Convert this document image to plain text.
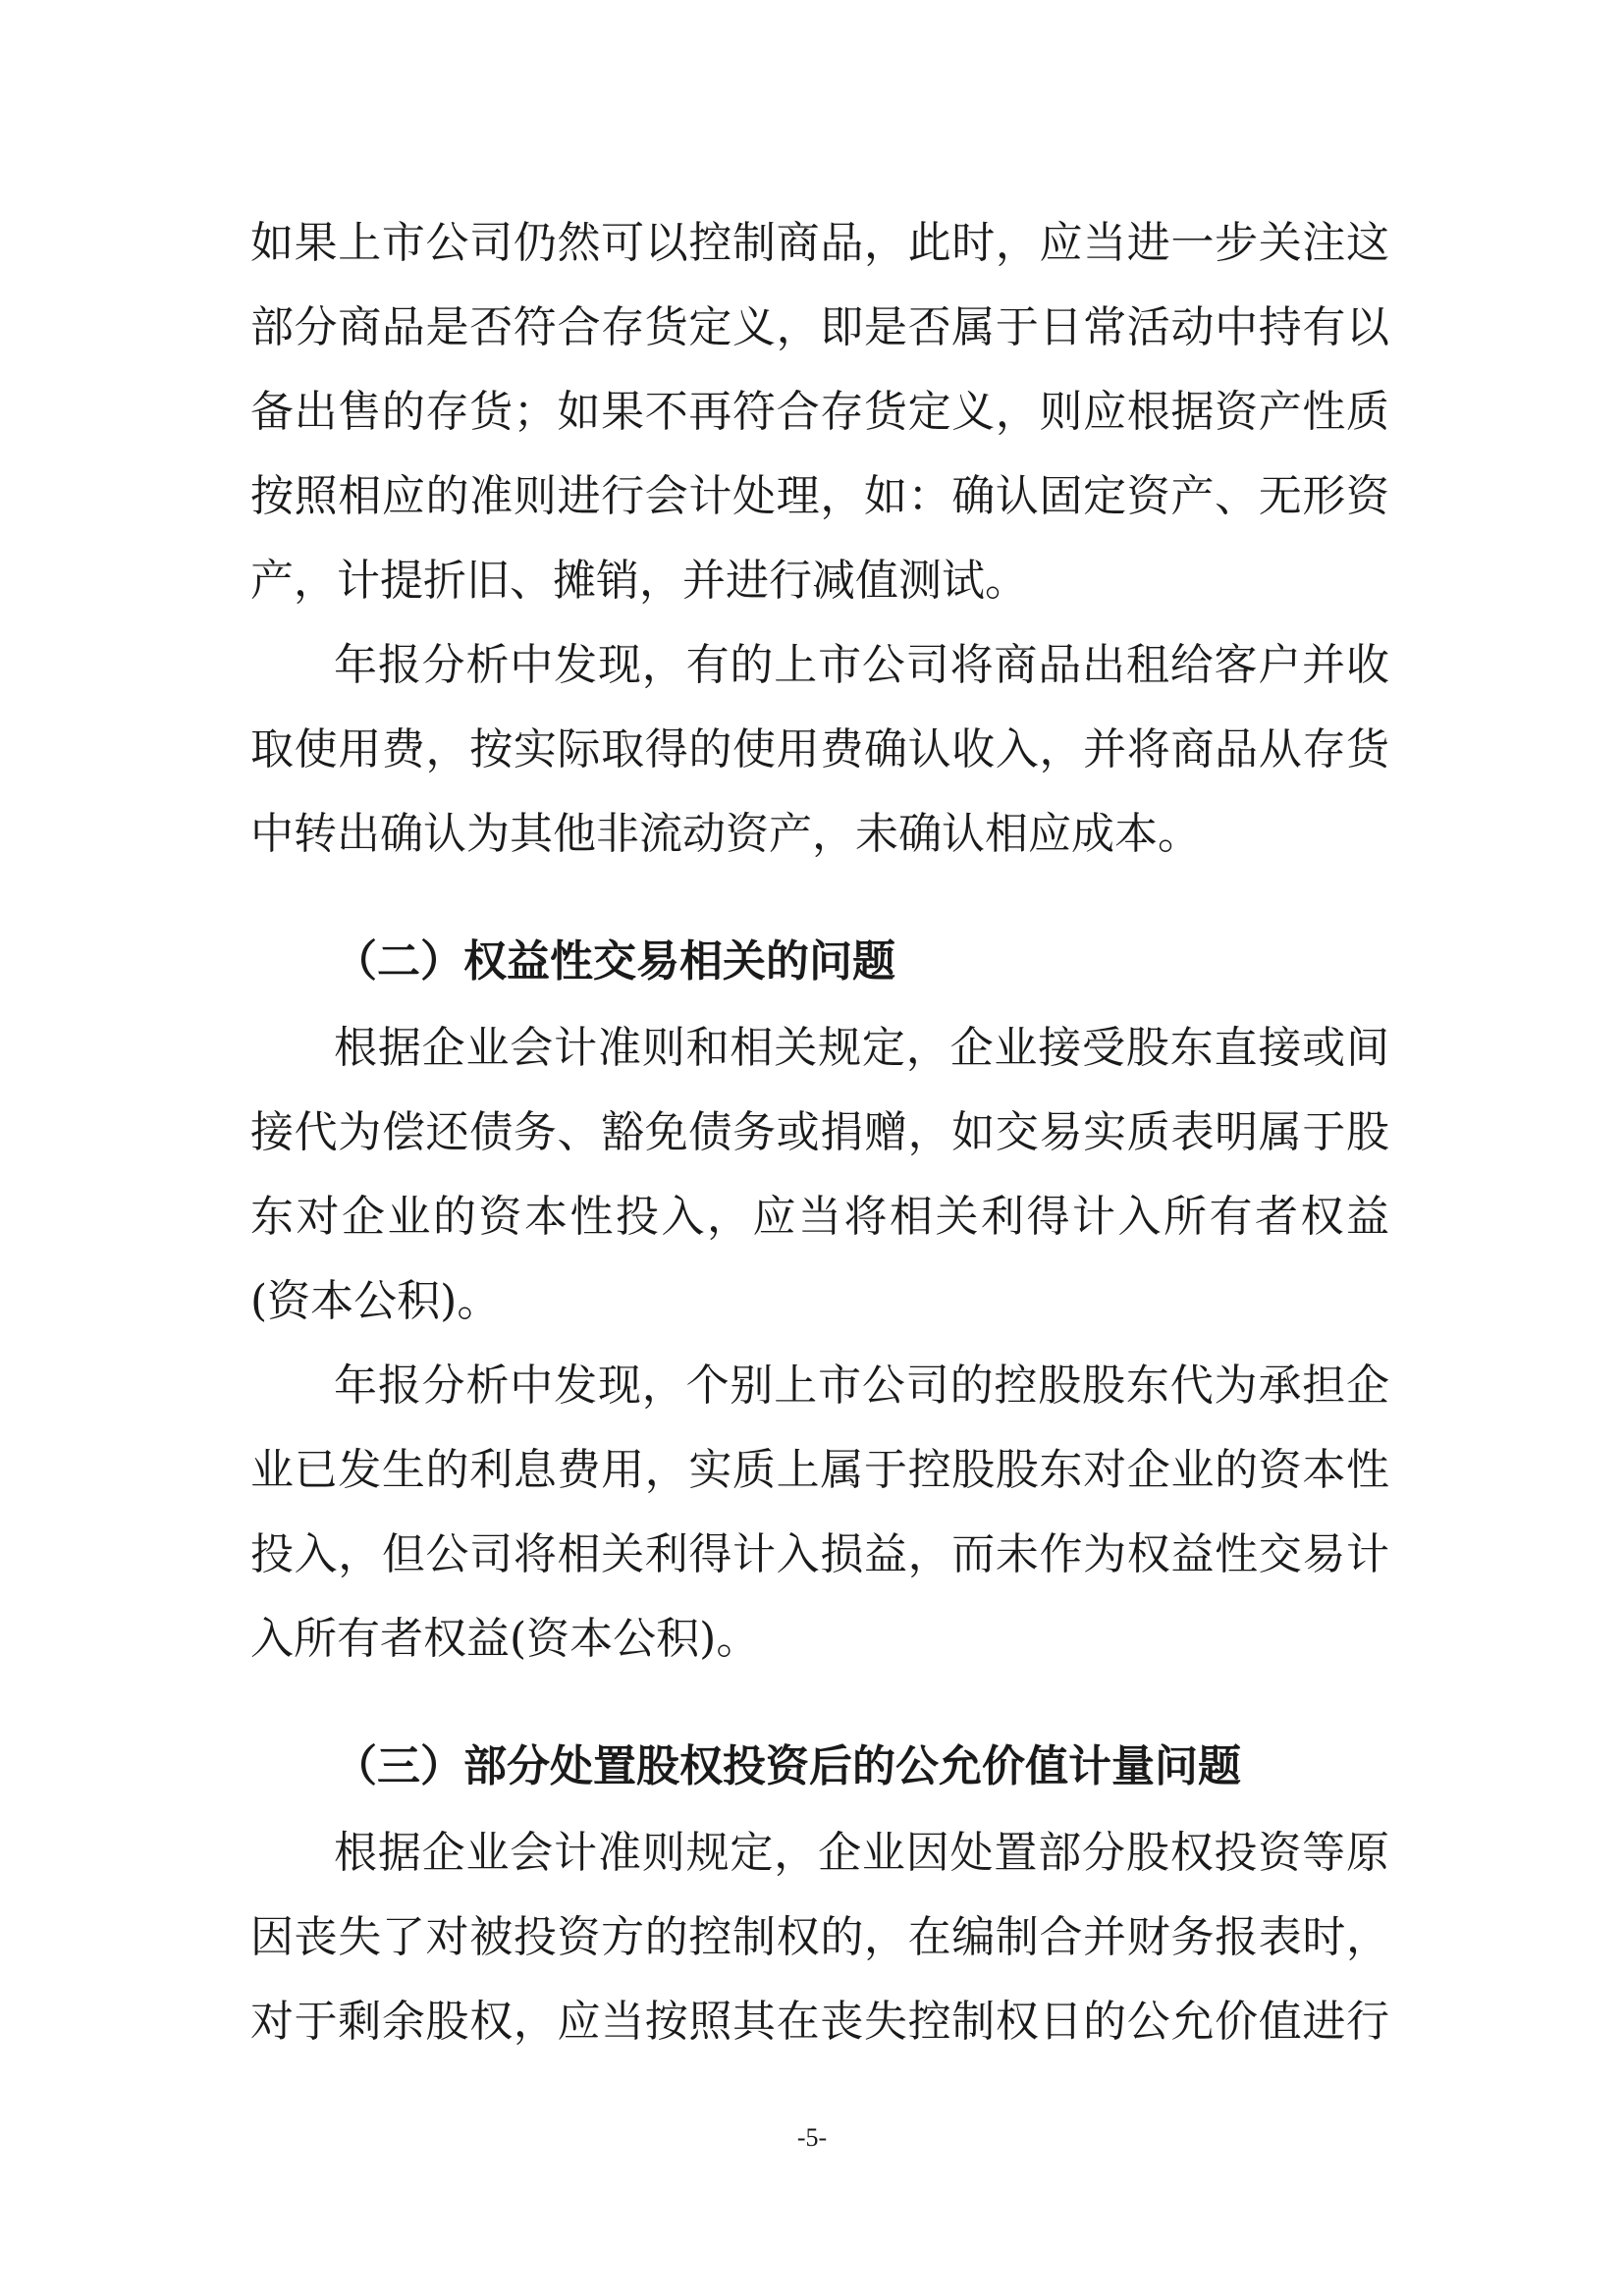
如果上市公司仍然可以控制商品，此时，应当进一步关注这
部分商品是否符合存货定义，即是否属于日常活动中持有以
备出售的存货；如果不再符合存货定义，则应根据资产性质
按照相应的准则进行会计处理，如：确认固定资产、无形资
产，计提折旧、摊销，并进行减值测试。
年报分析中发现，有的上市公司将商品出租给客户并收
取使用费，按实际取得的使用费确认收入，并将商品从存货
中转出确认为其他非流动资产，未确认相应成本。
（二）权益性交易相关的问题
根据企业会计准则和相关规定，企业接受股东直接或间
接代为偿还债务、豁免债务或捐赠，如交易实质表明属于股
东对企业的资本性投入，应当将相关利得计入所有者权益
(资本公积)。
年报分析中发现，个别上市公司的控股股东代为承担企
业已发生的利息费用，实质上属于控股股东对企业的资本性
投入，但公司将相关利得计入损益，而未作为权益性交易计
入所有者权益(资本公积)。
（三）部分处置股权投资后的公允价值计量问题
根据企业会计准则规定，企业因处置部分股权投资等原
因丧失了对被投资方的控制权的，在编制合并财务报表时，
对于剩余股权，应当按照其在丧失控制权日的公允价值进行
-5-
